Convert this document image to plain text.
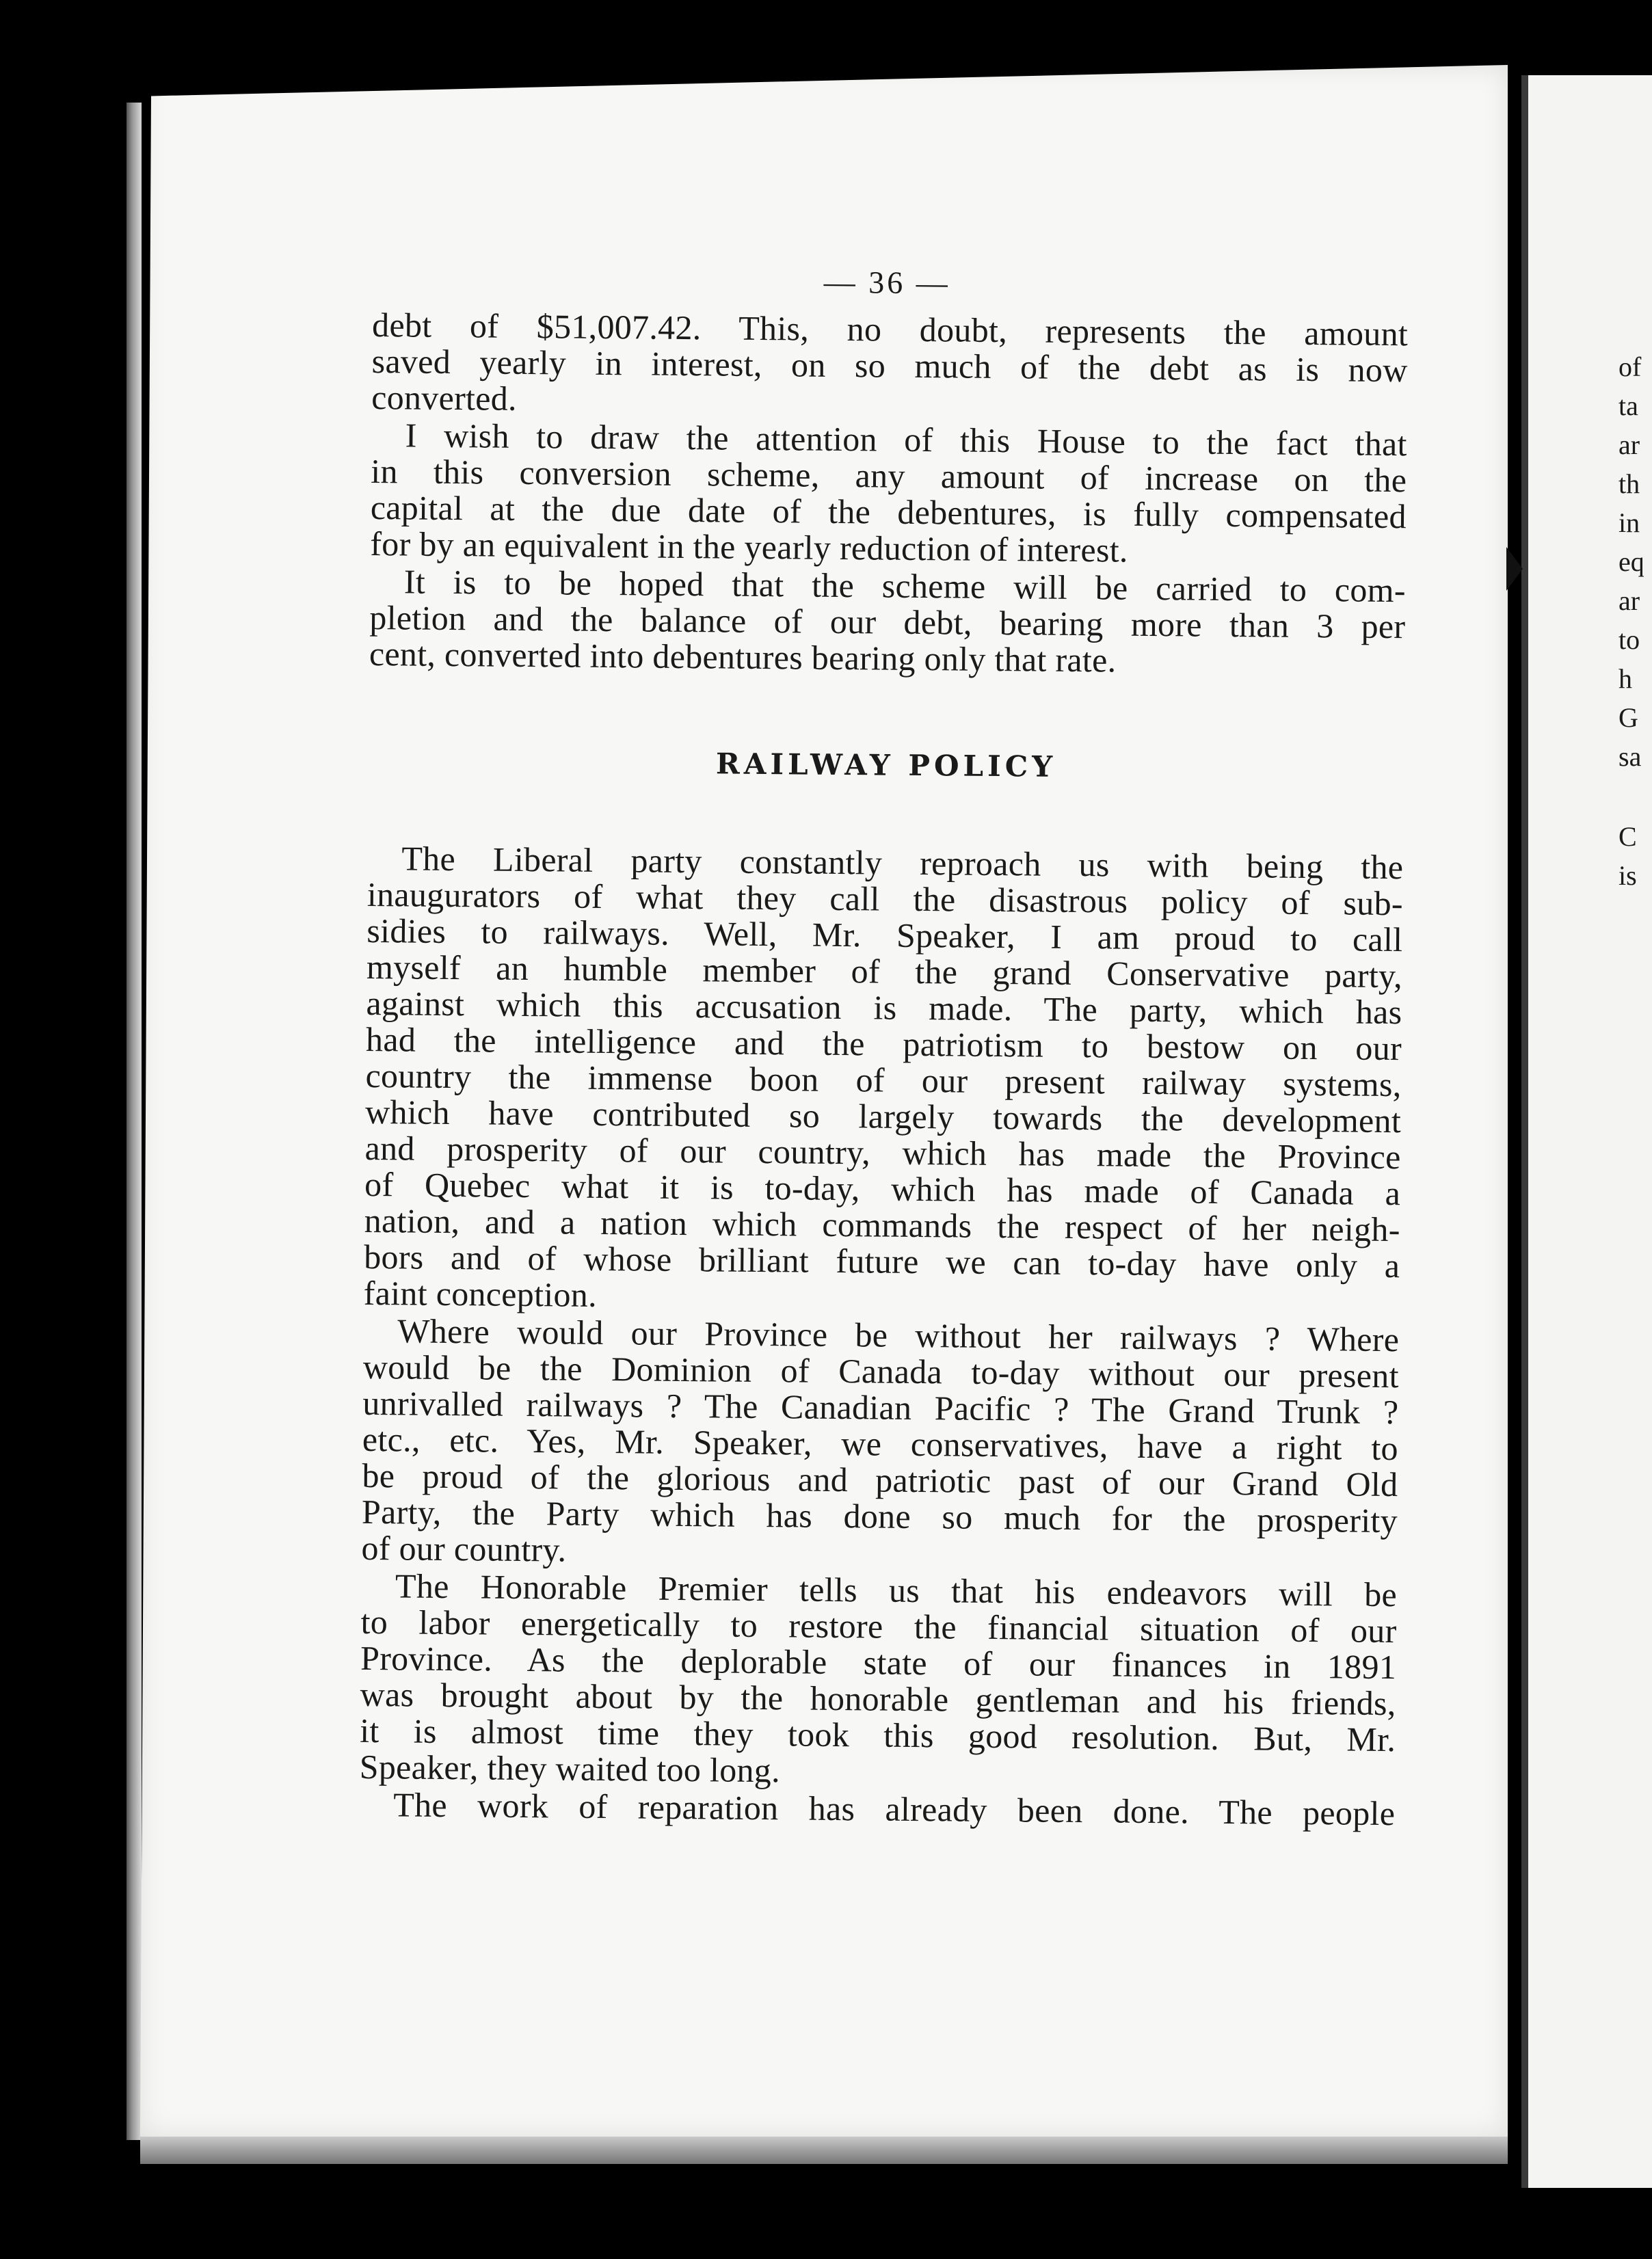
of
ta
ar
th
in
eq
ar
to
h
G
sa
C
is
— 36 —
debt of $51,007.42. This, no doubt, represents the amount
saved yearly in interest, on so much of the debt as is now
converted.
I wish to draw the attention of this House to the fact that
in this conversion scheme, any amount of increase on the
capital at the due date of the debentures, is fully compensated
for by an equivalent in the yearly reduction of interest.
It is to be hoped that the scheme will be carried to com-
pletion and the balance of our debt, bearing more than 3 per
cent, converted into debentures bearing only that rate.
RAILWAY POLICY
The Liberal party constantly reproach us with being the
inaugurators of what they call the disastrous policy of sub-
sidies to railways. Well, Mr. Speaker, I am proud to call
myself an humble member of the grand Conservative party,
against which this accusation is made. The party, which has
had the intelligence and the patriotism to bestow on our
country the immense boon of our present railway systems,
which have contributed so largely towards the development
and prosperity of our country, which has made the Province
of Quebec what it is to-day, which has made of Canada a
nation, and a nation which commands the respect of her neigh-
bors and of whose brilliant future we can to-day have only a
faint conception.
Where would our Province be without her railways ? Where
would be the Dominion of Canada to-day without our present
unrivalled railways ? The Canadian Pacific ? The Grand Trunk ?
etc., etc. Yes, Mr. Speaker, we conservatives, have a right to
be proud of the glorious and patriotic past of our Grand Old
Party, the Party which has done so much for the prosperity
of our country.
The Honorable Premier tells us that his endeavors will be
to labor energetically to restore the financial situation of our
Province. As the deplorable state of our finances in 1891
was brought about by the honorable gentleman and his friends,
it is almost time they took this good resolution. But, Mr.
Speaker, they waited too long.
The work of reparation has already been done. The people
